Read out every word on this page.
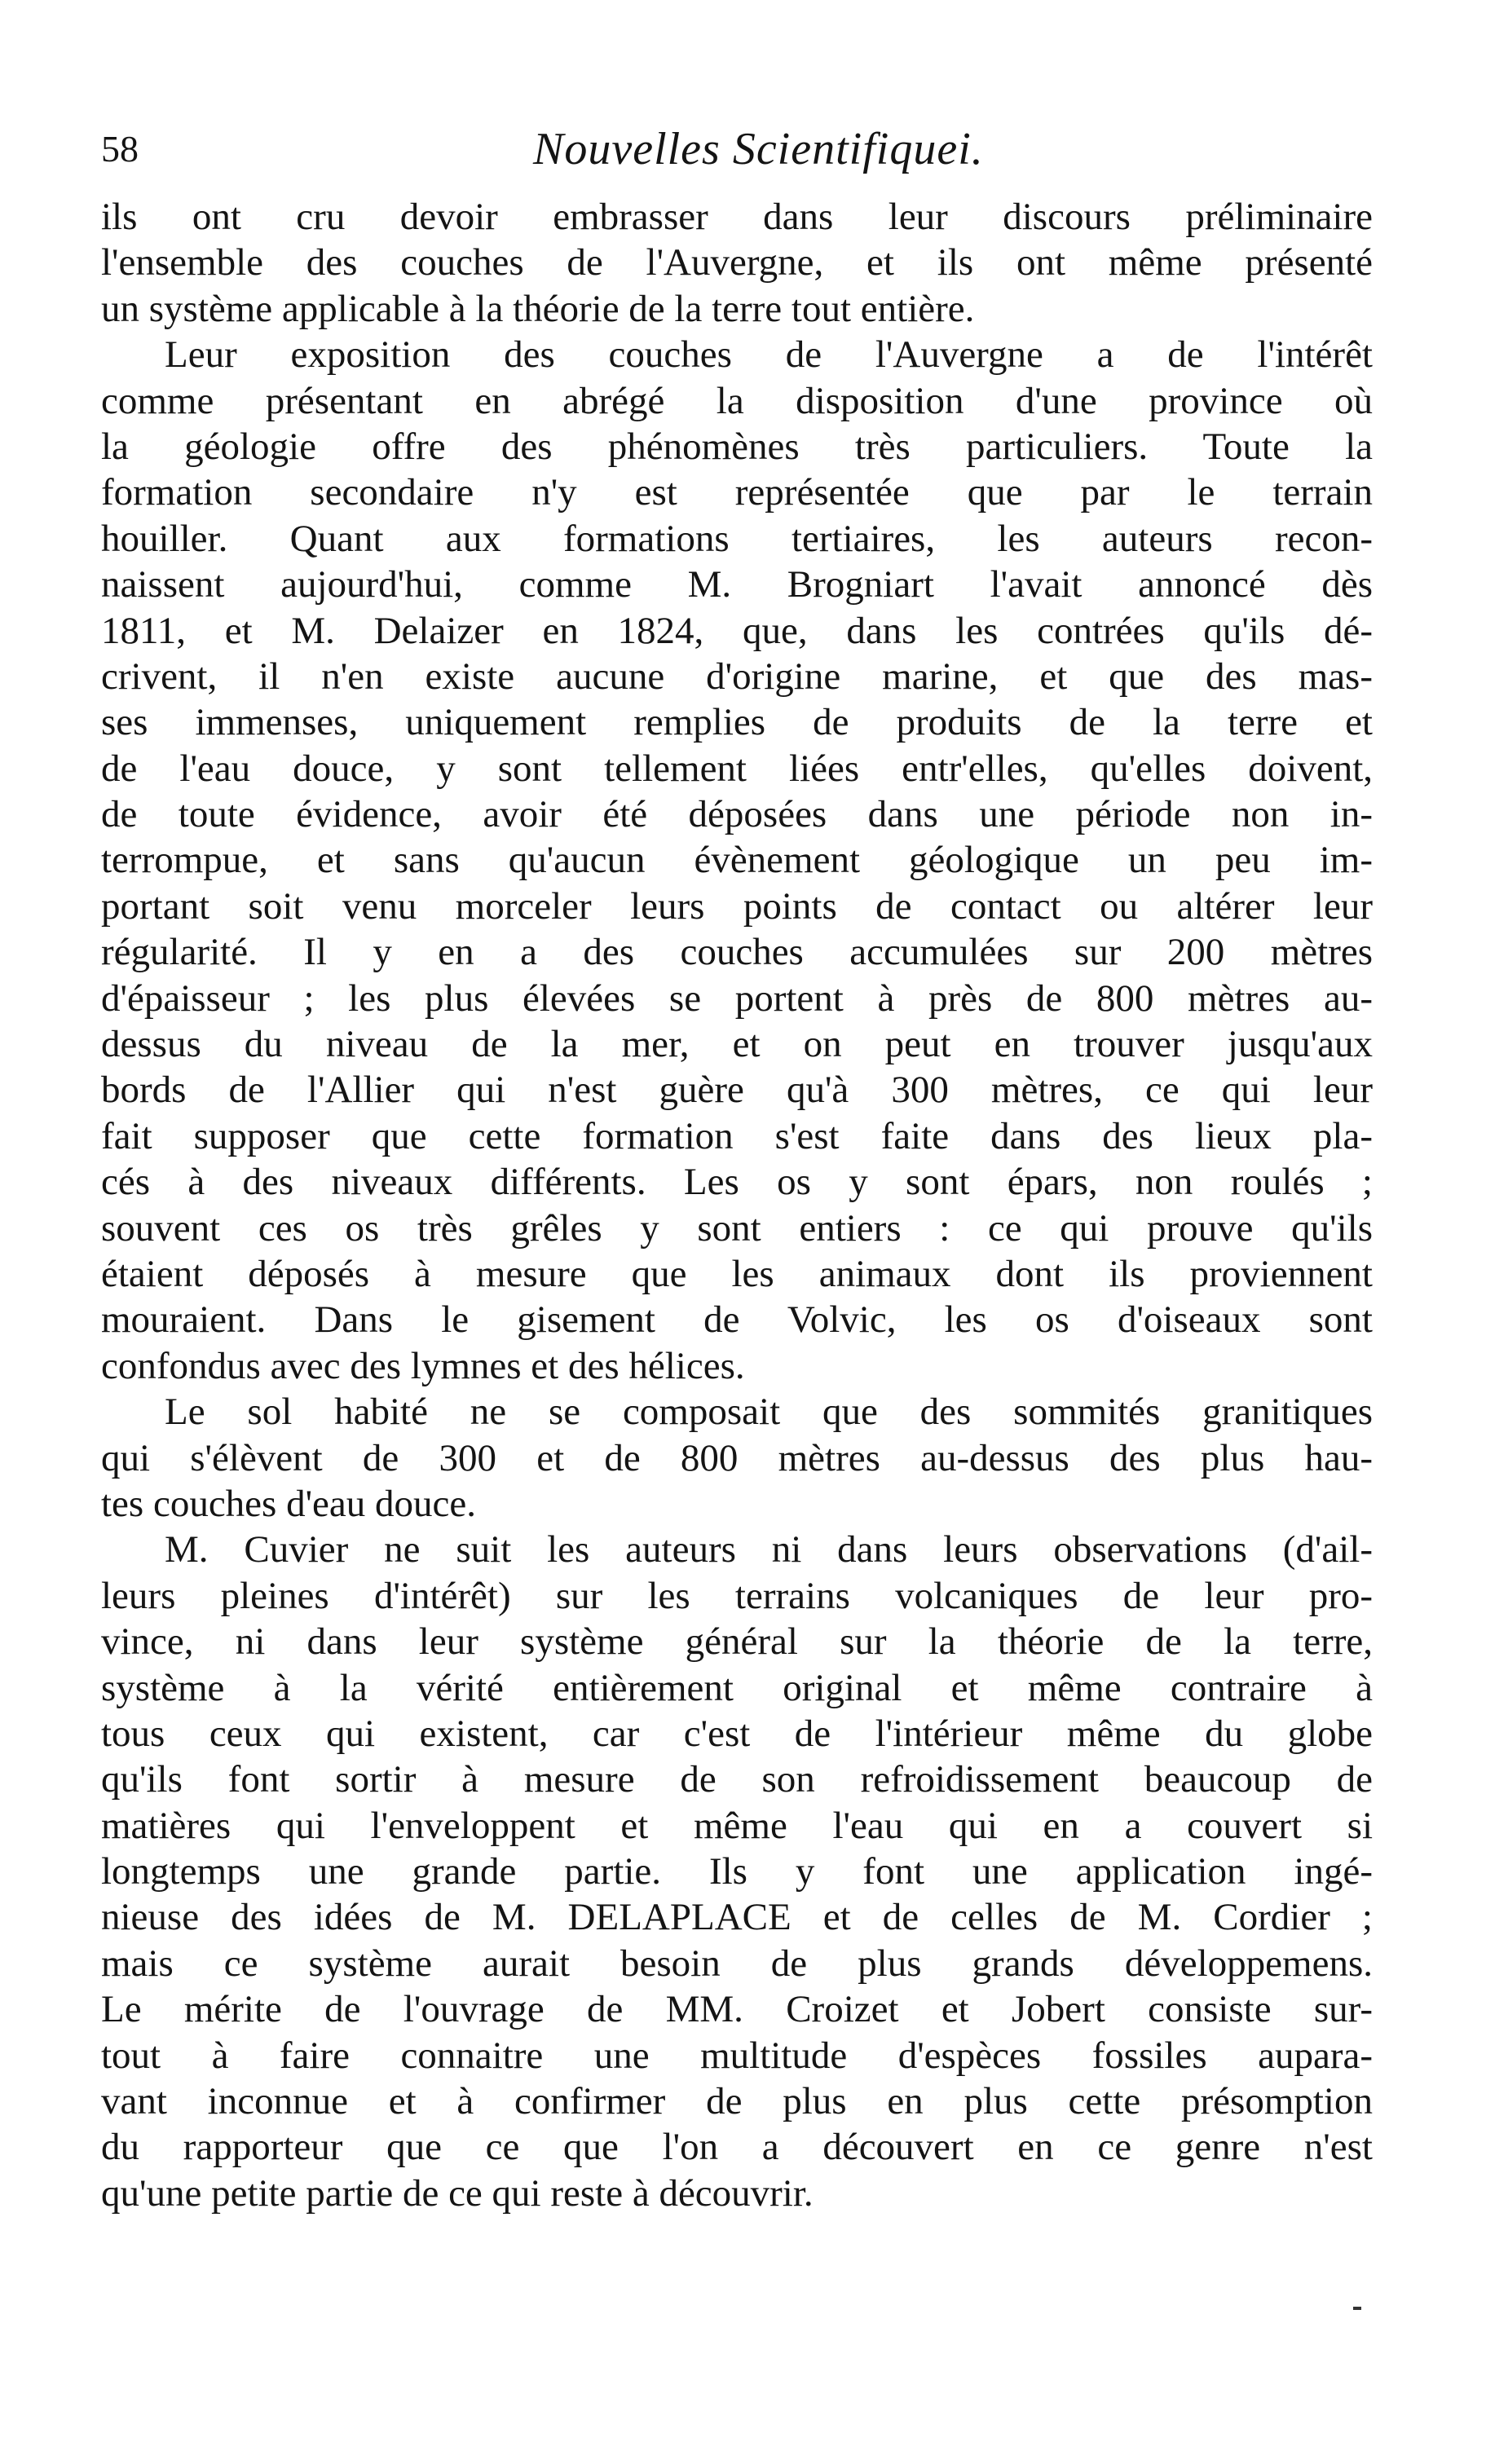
58	Nouvelles Scientifiquei.
ils ont cru devoir embrasser dans leur discours préliminaire
l'ensemble des couches de l'Auvergne, et ils ont même présenté
un système applicable à la théorie de la terre tout entière.
Leur exposition des couches de l'Auvergne a de l'intérêt
comme présentant en abrégé la disposition d'une province où
la géologie offre des phénomènes très particuliers. Toute la
formation secondaire n'y est représentée que par le terrain
houiller. Quant aux formations tertiaires, les auteurs recon-
naissent aujourd'hui, comme M. Brogniart l'avait annoncé dès
1811, et M. Delaizer en 1824, que, dans les contrées qu'ils dé-
crivent, il n'en existe aucune d'origine marine, et que des mas-
ses immenses, uniquement remplies de produits de la terre et
de l'eau douce, y sont tellement liées entr'elles, qu'elles doivent,
de toute évidence, avoir été déposées dans une période non in-
terrompue, et sans qu'aucun évènement géologique un peu im-
portant soit venu morceler leurs points de contact ou altérer leur
régularité. Il y en a des couches accumulées sur 200 mètres
d'épaisseur ; les plus élevées se portent à près de 800 mètres au-
dessus du niveau de la mer, et on peut en trouver jusqu'aux
bords de l'Allier qui n'est guère qu'à 300 mètres, ce qui leur
fait supposer que cette formation s'est faite dans des lieux pla-
cés à des niveaux différents. Les os y sont épars, non roulés ;
souvent ces os très grêles y sont entiers : ce qui prouve qu'ils
étaient déposés à mesure que les animaux dont ils proviennent
mouraient. Dans le gisement de Volvic, les os d'oiseaux sont
confondus avec des lymnes et des hélices.
Le sol habité ne se composait que des sommités granitiques
qui s'élèvent de 300 et de 800 mètres au-dessus des plus hau-
tes couches d'eau douce.
M. Cuvier ne suit les auteurs ni dans leurs observations (d'ail-
leurs pleines d'intérêt) sur les terrains volcaniques de leur pro-
vince, ni dans leur système général sur la théorie de la terre,
système à la vérité entièrement original et même contraire à
tous ceux qui existent, car c'est de l'intérieur même du globe
qu'ils font sortir à mesure de son refroidissement beaucoup de
matières qui l'enveloppent et même l'eau qui en a couvert si
longtemps une grande partie. Ils y font une application ingé-
nieuse des idées de M. DELAPLACE et de celles de M. Cordier ;
mais ce système aurait besoin de plus grands développemens.
Le mérite de l'ouvrage de MM. Croizet et Jobert consiste sur-
tout à faire connaitre une multitude d'espèces fossiles aupara-
vant inconnue et à confirmer de plus en plus cette présomption
du rapporteur que ce que l'on a découvert en ce genre n'est
qu'une petite partie de ce qui reste à découvrir.
